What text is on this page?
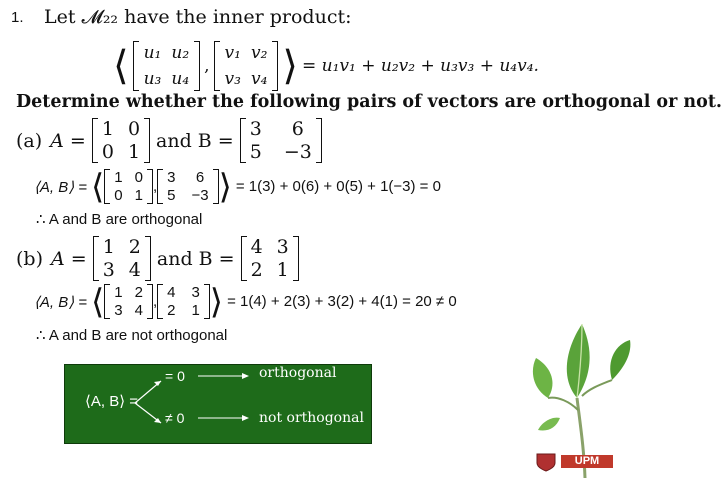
1. Let 𝓜₂₂ have the inner product:
⟨ u₁ u₂
u₃ u₄
,
v₁ v₂
v₃ v₄ ⟩ = u₁v₁ + u₂v₂ + u₃v₃ + u₄v₄.
Determine whether the following pairs of vectors are orthogonal or not.
(a) A =
1 0
0 1
and B =
3	6
5 −3
⟨A, B⟩ = ⟨ 1 0
0 1
,
3 6
5 −3 ⟩ = 1(3) + 0(6) + 0(5) + 1(−3) = 0
∴ A and B are orthogonal
(b) A =
1 2
3 4
and B =
4 3
2 1
⟨A, B⟩ = ⟨ 1 2
3 4
,
4 3
2 1 ⟩ = 1(4) + 2(3) + 3(2) + 4(1) = 20 ≠ 0
∴ A and B are not orthogonal
⟨A, B⟩ =
= 0
≠ 0
orthogonal
not orthogonal
UPM
